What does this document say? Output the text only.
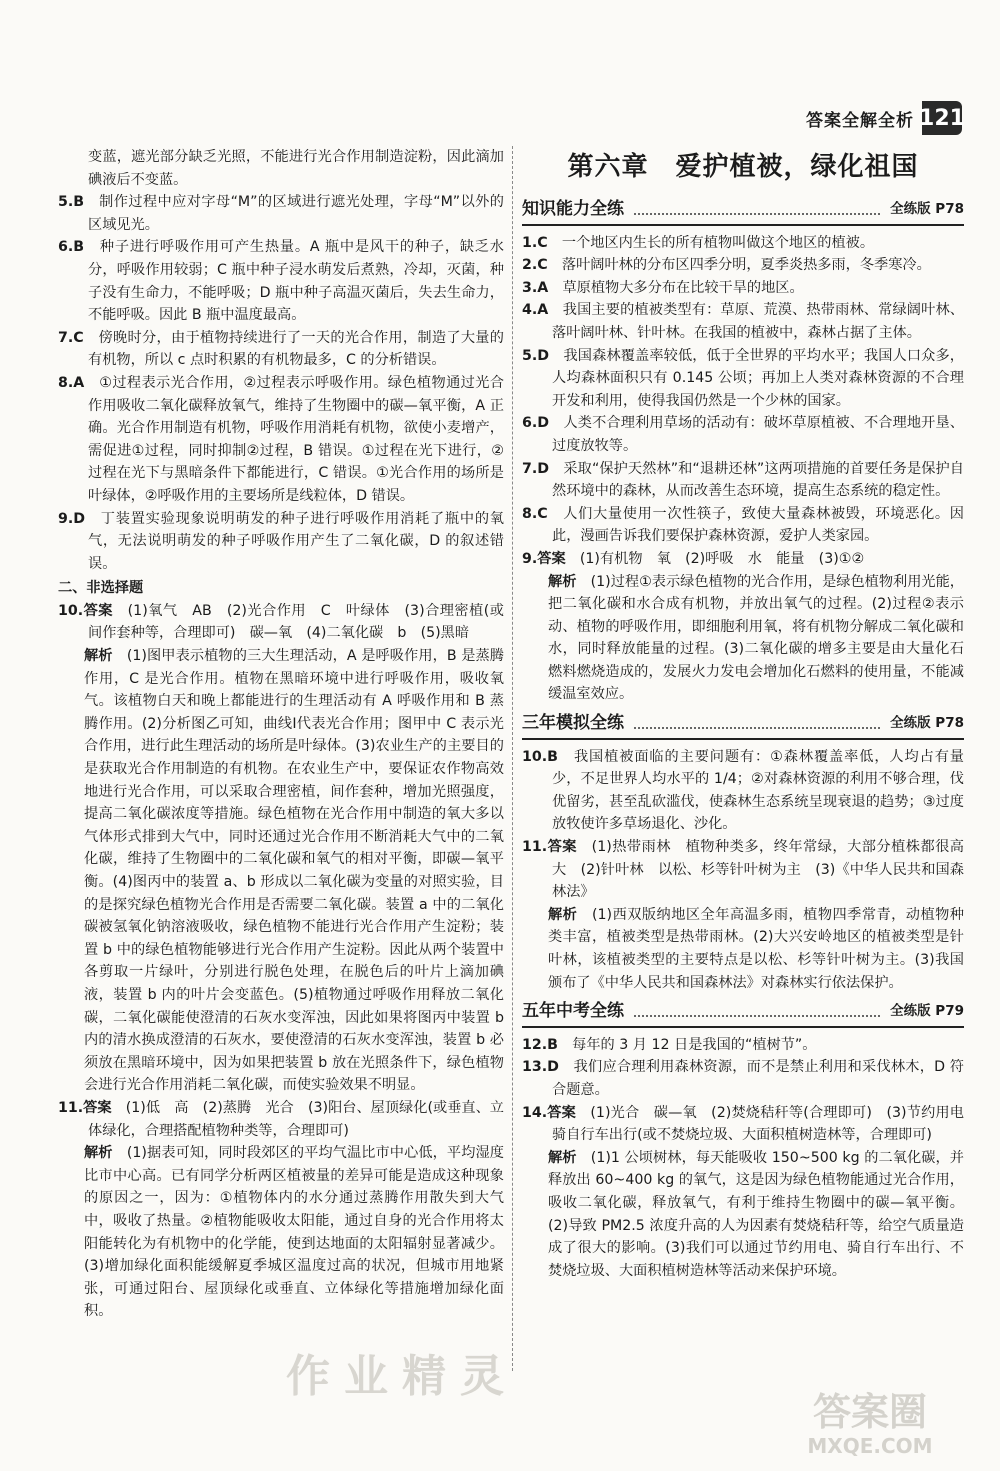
答案全解全析 121

变蓝，遮光部分缺乏光照，不能进行光合作用制造淀粉，因此滴加碘液后不变蓝。

5.B　 制作过程中应对字母“M”的区域进行遮光处理，字母“M”以外的区域见光。

6.B　 种子进行呼吸作用可产生热量。A 瓶中是风干的种子，缺乏水分，呼吸作用较弱；C 瓶中种子浸水萌发后煮熟，冷却，灭菌，种子没有生命力，不能呼吸；D 瓶中种子高温灭菌后，失去生命力，不能呼吸。因此 B 瓶中温度最高。

7.C　 傍晚时分，由于植物持续进行了一天的光合作用，制造了大量的有机物，所以 c 点时积累的有机物最多，C 的分析错误。

8.A　 ①过程表示光合作用，②过程表示呼吸作用。绿色植物通过光合作用吸收二氧化碳释放氧气，维持了生物圈中的碳—氧平衡，A 正确。光合作用制造有机物，呼吸作用消耗有机物，欲使小麦增产，需促进①过程，同时抑制②过程，B 错误。①过程在光下进行，②过程在光下与黑暗条件下都能进行，C 错误。①光合作用的场所是叶绿体，②呼吸作用的主要场所是线粒体，D 错误。

9.D　 丁装置实验现象说明萌发的种子进行呼吸作用消耗了瓶中的氧气，无法说明萌发的种子呼吸作用产生了二氧化碳，D 的叙述错误。

二、非选择题

10.答案　 (1)氧气　AB　(2)光合作用　C　叶绿体　(3)合理密植(或间作套种等，合理即可)　碳—氧　(4)二氧化碳　b　(5)黑暗

解析　 (1)图甲表示植物的三大生理活动，A 是呼吸作用，B 是蒸腾作用，C 是光合作用。植物在黑暗环境中进行呼吸作用，吸收氧气。该植物白天和晚上都能进行的生理活动有 A 呼吸作用和 B 蒸腾作用。(2)分析图乙可知，曲线Ⅰ代表光合作用；图甲中 C 表示光合作用，进行此生理活动的场所是叶绿体。(3)农业生产的主要目的是获取光合作用制造的有机物。在农业生产中，要保证农作物高效地进行光合作用，可以采取合理密植，间作套种，增加光照强度，提高二氧化碳浓度等措施。绿色植物在光合作用中制造的氧大多以气体形式排到大气中，同时还通过光合作用不断消耗大气中的二氧化碳，维持了生物圈中的二氧化碳和氧气的相对平衡，即碳—氧平衡。(4)图丙中的装置 a、b 形成以二氧化碳为变量的对照实验，目的是探究绿色植物光合作用是否需要二氧化碳。装置 a 中的二氧化碳被氢氧化钠溶液吸收，绿色植物不能进行光合作用产生淀粉；装置 b 中的绿色植物能够进行光合作用产生淀粉。因此从两个装置中各剪取一片绿叶，分别进行脱色处理，在脱色后的叶片上滴加碘液，装置 b 内的叶片会变蓝色。(5)植物通过呼吸作用释放二氧化碳，二氧化碳能使澄清的石灰水变浑浊，因此如果将图丙中装置 b 内的清水换成澄清的石灰水，要使澄清的石灰水变浑浊，装置 b 必须放在黑暗环境中，因为如果把装置 b 放在光照条件下，绿色植物会进行光合作用消耗二氧化碳，而使实验效果不明显。

11.答案　 (1)低　高　(2)蒸腾　光合　(3)阳台、屋顶绿化(或垂直、立体绿化，合理搭配植物种类等，合理即可)

解析　 (1)据表可知，同时段郊区的平均气温比市中心低，平均湿度比市中心高。已有同学分析两区植被量的差异可能是造成这种现象的原因之一，因为：①植物体内的水分通过蒸腾作用散失到大气中，吸收了热量。②植物能吸收太阳能，通过自身的光合作用将太阳能转化为有机物中的化学能，使到达地面的太阳辐射显著减少。(3)增加绿化面积能缓解夏季城区温度过高的状况，但城市用地紧张，可通过阳台、屋顶绿化或垂直、立体绿化等措施增加绿化面积。

第六章　爱护植被，绿化祖国
知识能力全练	全练版 P78

1.C　 一个地区内生长的所有植物叫做这个地区的植被。

2.C　 落叶阔叶林的分布区四季分明，夏季炎热多雨，冬季寒冷。

3.A　 草原植物大多分布在比较干旱的地区。

4.A　 我国主要的植被类型有：草原、荒漠、热带雨林、常绿阔叶林、落叶阔叶林、针叶林。在我国的植被中，森林占据了主体。

5.D　 我国森林覆盖率较低，低于全世界的平均水平；我国人口众多，人均森林面积只有 0.145 公顷；再加上人类对森林资源的不合理开发和利用，使得我国仍然是一个少林的国家。

6.D　 人类不合理利用草场的活动有：破坏草原植被、不合理地开垦、过度放牧等。

7.D　 采取“保护天然林”和“退耕还林”这两项措施的首要任务是保护自然环境中的森林，从而改善生态环境，提高生态系统的稳定性。

8.C　 人们大量使用一次性筷子，致使大量森林被毁，环境恶化。因此，漫画告诉我们要保护森林资源，爱护人类家园。

9.答案　 (1)有机物　氧　(2)呼吸　水　能量　(3)①②

解析　 (1)过程①表示绿色植物的光合作用，是绿色植物利用光能，把二氧化碳和水合成有机物，并放出氧气的过程。(2)过程②表示动、植物的呼吸作用，即细胞利用氧，将有机物分解成二氧化碳和水，同时释放能量的过程。(3)二氧化碳的增多主要是由大量化石燃料燃烧造成的，发展火力发电会增加化石燃料的使用量，不能减缓温室效应。

三年模拟全练	全练版 P78

10.B　 我国植被面临的主要问题有：①森林覆盖率低，人均占有量少，不足世界人均水平的 1/4；②对森林资源的利用不够合理，伐优留劣，甚至乱砍滥伐，使森林生态系统呈现衰退的趋势；③过度放牧使许多草场退化、沙化。

11.答案　 (1)热带雨林　植物种类多，终年常绿，大部分植株都很高大　(2)针叶林　以松、杉等针叶树为主　(3)《中华人民共和国森林法》

解析　 (1)西双版纳地区全年高温多雨，植物四季常青，动植物种类丰富，植被类型是热带雨林。(2)大兴安岭地区的植被类型是针叶林，该植被类型的主要特点是以松、杉等针叶树为主。(3)我国颁布了《中华人民共和国森林法》对森林实行依法保护。

五年中考全练	全练版 P79

12.B　 每年的 3 月 12 日是我国的“植树节”。

13.D　 我们应合理利用森林资源，而不是禁止利用和采伐林木，D 符合题意。

14.答案　 (1)光合　碳—氧　(2)焚烧秸秆等(合理即可)　(3)节约用电　骑自行车出行(或不焚烧垃圾、大面积植树造林等，合理即可)

解析　 (1)1 公顷树林，每天能吸收 150~500 kg 的二氧化碳，并释放出 60~400 kg 的氧气，这是因为绿色植物能通过光合作用，吸收二氧化碳，释放氧气，有利于维持生物圈中的碳—氧平衡。(2)导致 PM2.5 浓度升高的人为因素有焚烧秸秆等，给空气质量造成了很大的影响。(3)我们可以通过节约用电、骑自行车出行、不焚烧垃圾、大面积植树造林等活动来保护环境。

作业精灵
答案圈
MXQE.COM
